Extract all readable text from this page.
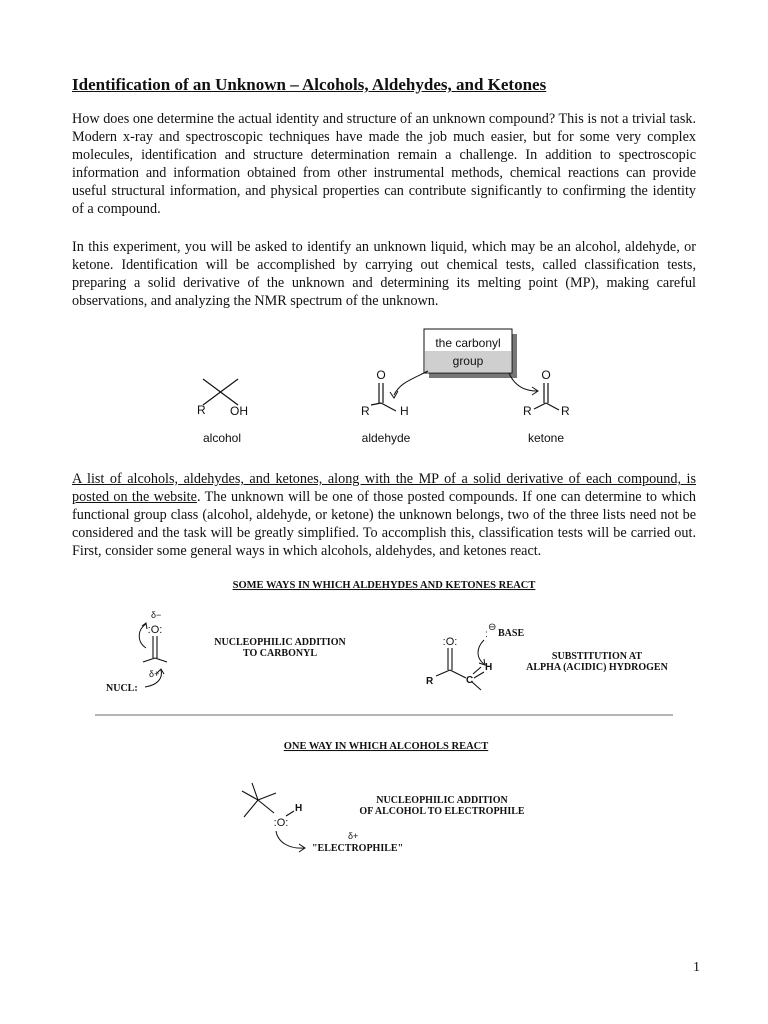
Identification of an Unknown – Alcohols, Aldehydes, and Ketones

How does one determine the actual identity and structure of an unknown compound? This is not a trivial task. Modern x-ray and spectroscopic techniques have made the job much easier, but for some very complex molecules, identification and structure determination remain a challenge. In addition to spectroscopic information and information obtained from other instrumental methods, chemical reactions can provide useful structural information, and physical properties can contribute significantly to confirming the identity of a compound.

In this experiment, you will be asked to identify an unknown liquid, which may be an alcohol, aldehyde, or ketone. Identification will be accomplished by carrying out chemical tests, called classification tests, preparing a solid derivative of the unknown and determining its melting point (MP), making careful observations, and analyzing the NMR spectrum of the unknown.

the carbonyl
group
R OH
alcohol
O
R	H
aldehyde
O
R R
ketone

A list of alcohols, aldehydes, and ketones, along with the MP of a solid derivative of each compound, is posted on the website. The unknown will be one of those posted compounds. If one can determine to which functional group class (alcohol, aldehyde, or ketone) the unknown belongs, two of the three lists need not be considered and the task will be greatly simplified. To accomplish this, classification tests will be carried out. First, consider some general ways in which alcohols, aldehydes, and ketones react.

SOME WAYS IN WHICH ALDEHYDES AND KETONES REACT
δ−
:O:
δ+
NUCL:
NUCLEOPHILIC ADDITION
TO CARBONYL
:O:
R	C
H
⊖
: BASE
SUBSTITUTION AT
ALPHA (ACIDIC) HYDROGEN
ONE WAY IN WHICH ALCOHOLS REACT
:O:
H
NUCLEOPHILIC ADDITION
OF ALCOHOL TO ELECTROPHILE
δ+
"ELECTROPHILE"
1
